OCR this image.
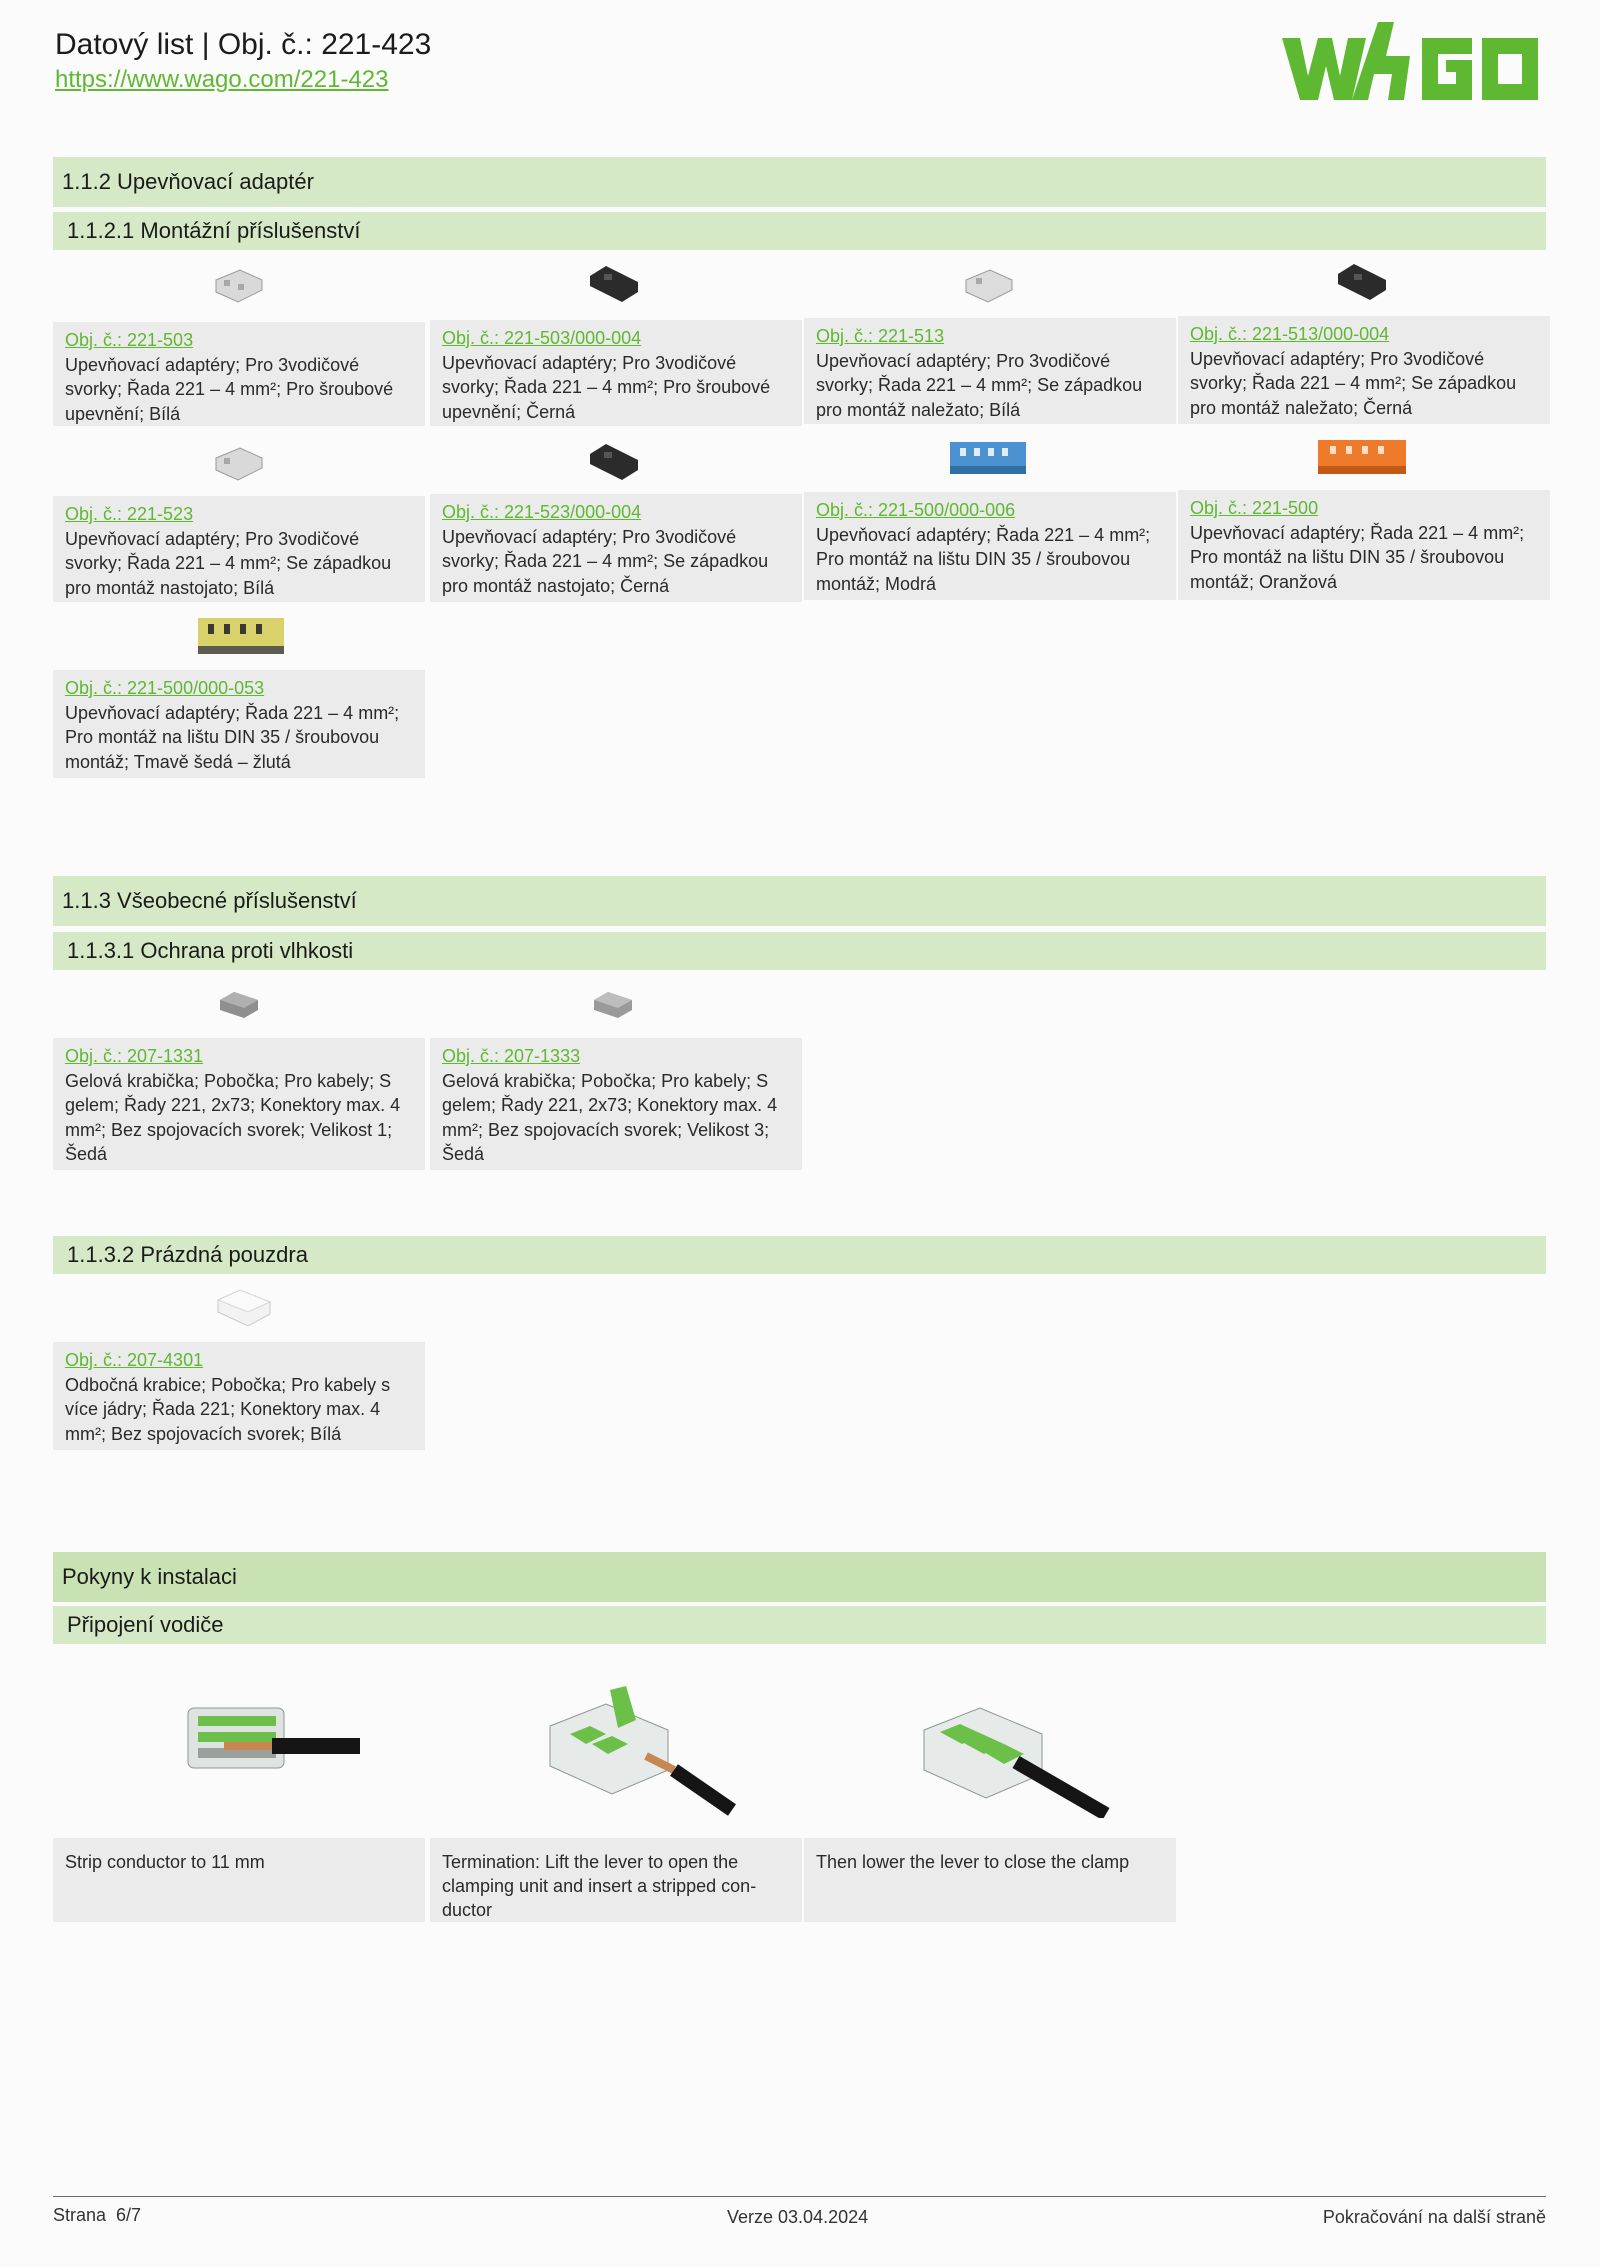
Datový list | Obj. č.: 221-423
https://www.wago.com/221-423
1.1.2 Upevňovací adaptér
1.1.2.1 Montážní příslušenství
Obj. č.: 221-503
Upevňovací adaptéry; Pro 3vodičové svorky; Řada 221 – 4 mm²; Pro šroubové upevnění; Bílá
Obj. č.: 221-503/000-004
Upevňovací adaptéry; Pro 3vodičové svorky; Řada 221 – 4 mm²; Pro šroubové upevnění; Černá
Obj. č.: 221-513
Upevňovací adaptéry; Pro 3vodičové svorky; Řada 221 – 4 mm²; Se západkou pro montáž naležato; Bílá
Obj. č.: 221-513/000-004
Upevňovací adaptéry; Pro 3vodičové svorky; Řada 221 – 4 mm²; Se západkou pro montáž naležato; Černá
Obj. č.: 221-523
Upevňovací adaptéry; Pro 3vodičové svorky; Řada 221 – 4 mm²; Se západkou pro montáž nastojato; Bílá
Obj. č.: 221-523/000-004
Upevňovací adaptéry; Pro 3vodičové svorky; Řada 221 – 4 mm²; Se západkou pro montáž nastojato; Černá
Obj. č.: 221-500/000-006
Upevňovací adaptéry; Řada 221 – 4 mm²; Pro montáž na lištu DIN 35 / šroubovou montáž; Modrá
Obj. č.: 221-500
Upevňovací adaptéry; Řada 221 – 4 mm²; Pro montáž na lištu DIN 35 / šroubovou montáž; Oranžová
Obj. č.: 221-500/000-053
Upevňovací adaptéry; Řada 221 – 4 mm²; Pro montáž na lištu DIN 35 / šroubovou montáž; Tmavě šedá – žlutá
1.1.3 Všeobecné příslušenství
1.1.3.1 Ochrana proti vlhkosti
Obj. č.: 207-1331
Gelová krabička; Pobočka; Pro kabely; S gelem; Řady 221, 2x73; Konektory max. 4 mm²; Bez spojovacích svorek; Velikost 1; Šedá
Obj. č.: 207-1333
Gelová krabička; Pobočka; Pro kabely; S gelem; Řady 221, 2x73; Konektory max. 4 mm²; Bez spojovacích svorek; Velikost 3; Šedá
1.1.3.2 Prázdná pouzdra
Obj. č.: 207-4301
Odbočná krabice; Pobočka; Pro kabely s více jádry; Řada 221; Konektory max. 4 mm²; Bez spojovacích svorek; Bílá
Pokyny k instalaci
Připojení vodiče
Strip conductor to 11 mm	Termination: Lift the lever to open the clamping unit and insert a stripped conductor
Then lower the lever to close the clamp
Strana  6/7	Verze 03.04.2024	Pokračování na další straně
